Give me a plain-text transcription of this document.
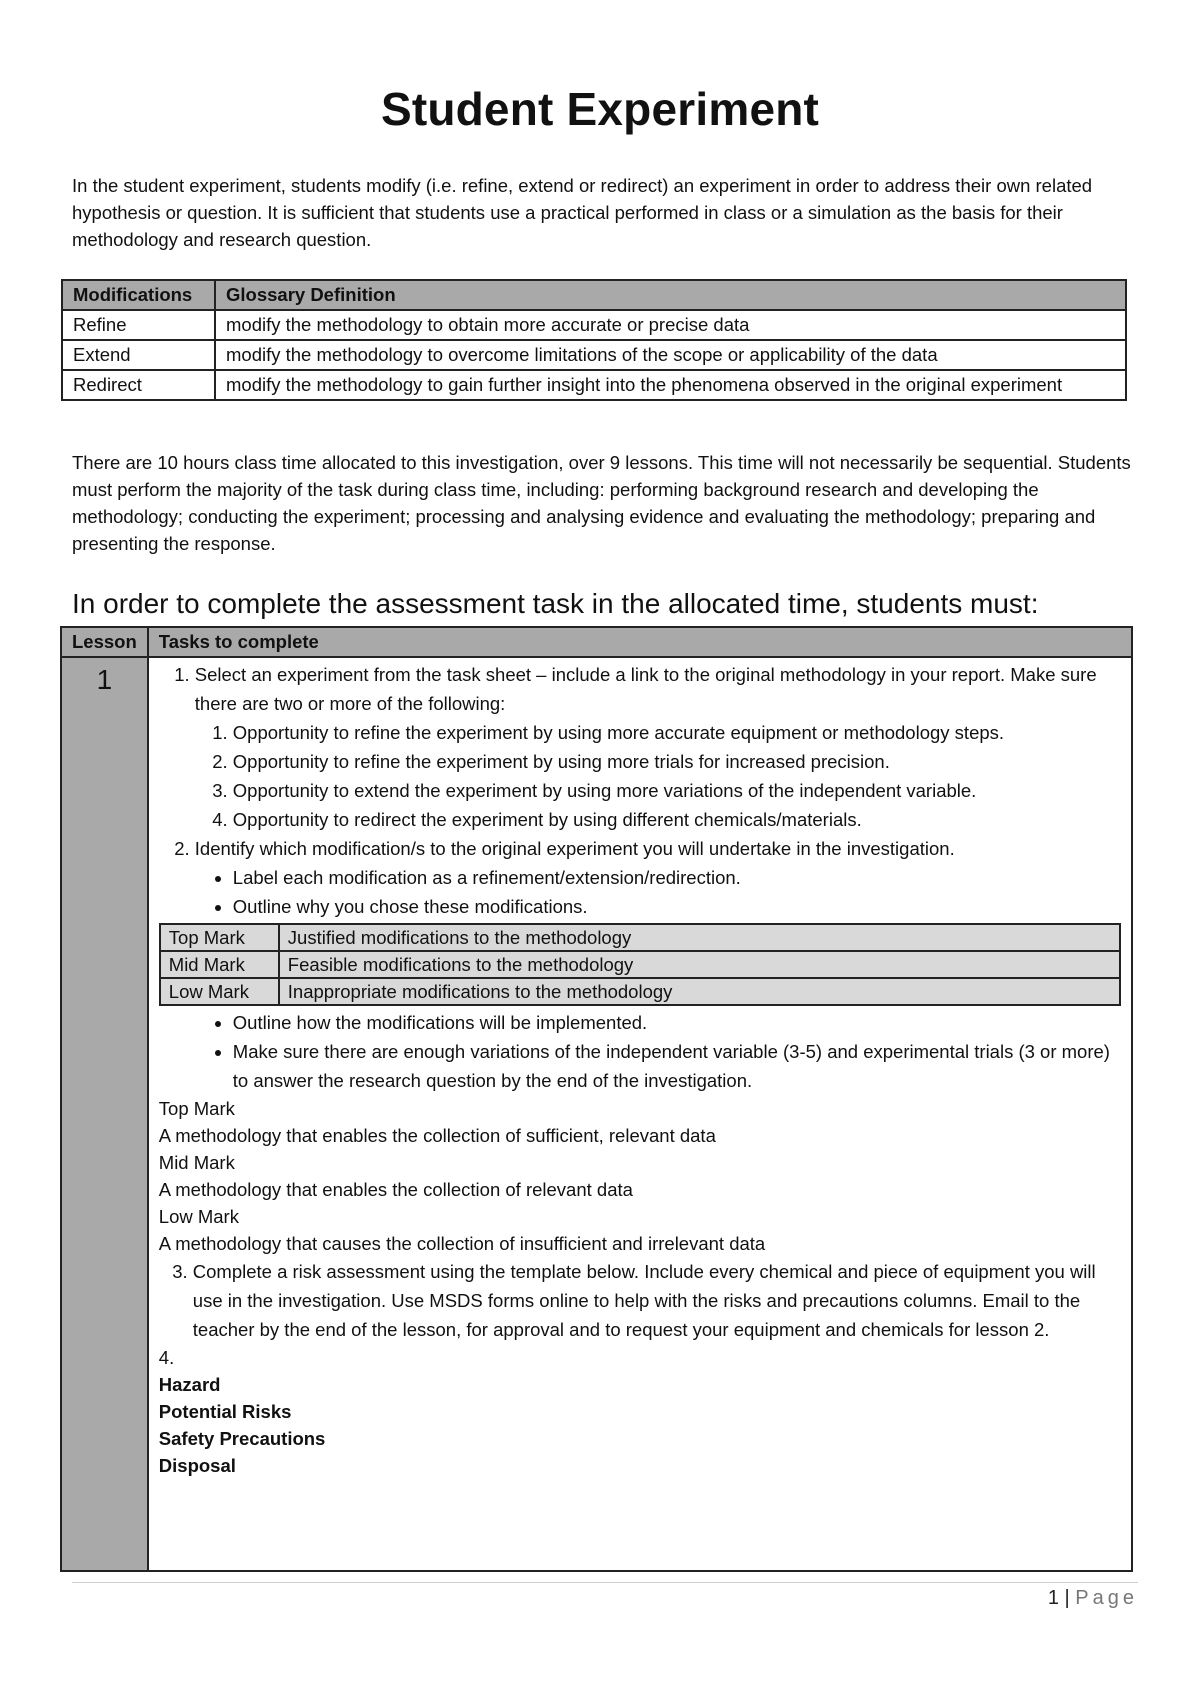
Student Experiment

In the student experiment, students modify (i.e. refine, extend or redirect) an experiment in order to address their own related hypothesis or question. It is sufficient that students use a practical performed in class or a simulation as the basis for their methodology and research question.

Modifications	Glossary Definition
Refine	modify the methodology to obtain more accurate or precise data
Extend	modify the methodology to overcome limitations of the scope or applicability of the data
Redirect	modify the methodology to gain further insight into the phenomena observed in the original experiment

There are 10 hours class time allocated to this investigation, over 9 lessons. This time will not necessarily be sequential. Students must perform the majority of the task during class time, including: performing background research and developing the methodology; conducting the experiment; processing and analysing evidence and evaluating the methodology; preparing and presenting the response.

In order to complete the assessment task in the allocated time, students must:
Lesson	Tasks to complete
1	
1.Select an experiment from the task sheet – include a link to the original methodology in your report. Make sure there are two or more of the following:
1. Opportunity to refine the experiment by using more accurate equipment or methodology steps.
2. Opportunity to refine the experiment by using more trials for increased precision.
3. Opportunity to extend the experiment by using more variations of the independent variable.
4. Opportunity to redirect the experiment by using different chemicals/materials.
2. Identify which modification/s to the original experiment you will undertake in the investigation.
• Label each modification as a refinement/extension/redirection.
• Outline why you chose these modifications.
Top Mark	Justified modifications to the methodology
Mid Mark	Feasible modifications to the methodology
Low Mark	Inappropriate modifications to the methodology
• Outline how the modifications will be implemented.
• Make sure there are enough variations of the independent variable (3-5) and experimental trials (3 or more) to answer the research question by the end of the investigation.

Top Mark

A methodology that enables the collection of sufficient, relevant data

Mid Mark

A methodology that enables the collection of relevant data

Low Mark

A methodology that causes the collection of insufficient and irrelevant data

3. Complete a risk assessment using the template below. Include every chemical and piece of equipment you will use in the investigation. Use MSDS forms online to help with the risks and precautions columns. Email to the teacher by the end of the lesson, for approval and to request your equipment and chemicals for lesson 2.

4.

Hazard

Potential Risks

Safety Precautions

Disposal

1 | Page
